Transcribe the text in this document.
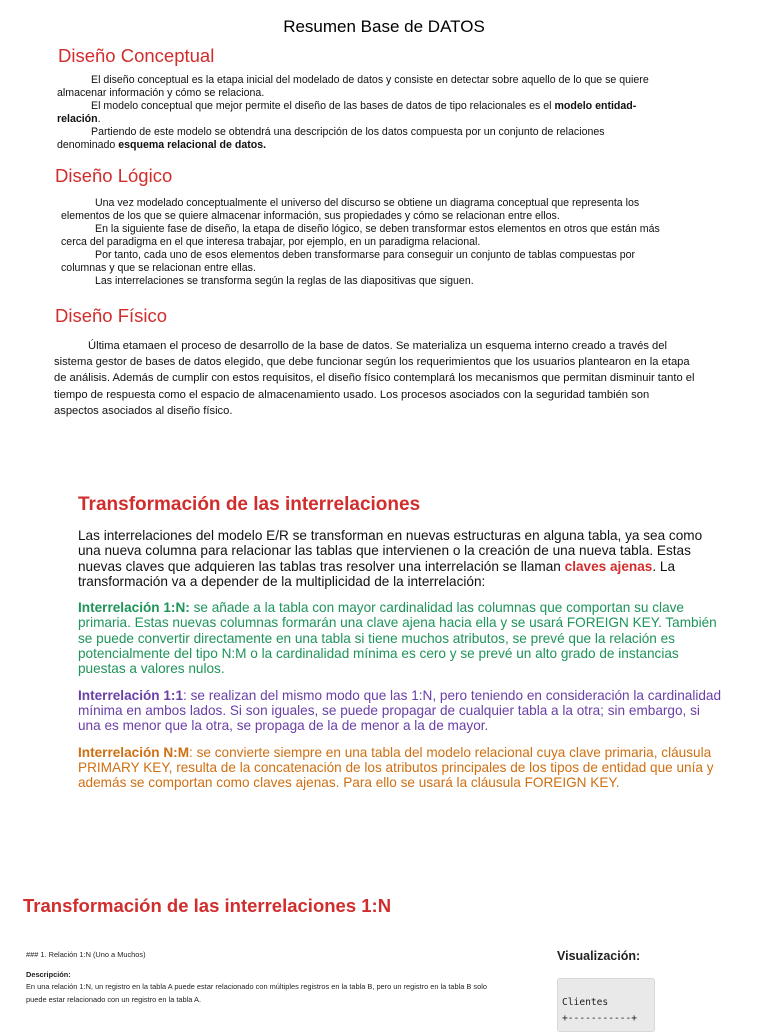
Resumen Base de DATOS
Diseño Conceptual

El diseño conceptual es la etapa inicial del modelado de datos y consiste en detectar sobre aquello de lo que se quiere almacenar información y cómo se relaciona.

El modelo conceptual que mejor permite el diseño de las bases de datos de tipo relacionales es el modelo entidad-relación.

Partiendo de este modelo se obtendrá una descripción de los datos compuesta por un conjunto de relaciones denominado esquema relacional de datos.

Diseño Lógico

Una vez modelado conceptualmente el universo del discurso se obtiene un diagrama conceptual que representa los elementos de los que se quiere almacenar información, sus propiedades y cómo se relacionan entre ellos.

En la siguiente fase de diseño, la etapa de diseño lógico, se deben transformar estos elementos en otros que están más cerca del paradigma en el que interesa trabajar, por ejemplo, en un paradigma relacional.

Por tanto, cada uno de esos elementos deben transformarse para conseguir un conjunto de tablas compuestas por columnas y que se relacionan entre ellas.

Las interrelaciones se transforma según la reglas de las diapositivas que siguen.

Diseño Físico

Última etamaen el proceso de desarrollo de la base de datos. Se materializa un esquema interno creado a través del sistema gestor de bases de datos elegido, que debe funcionar según los requerimientos que los usuarios plantearon en la etapa de análisis. Además de cumplir con estos requisitos, el diseño físico contemplará los mecanismos que permitan disminuir tanto el tiempo de respuesta como el espacio de almacenamiento usado. Los procesos asociados con la seguridad también son aspectos asociados al diseño físico.

Transformación de las interrelaciones

Las interrelaciones del modelo E/R se transforman en nuevas estructuras en alguna tabla, ya sea como una nueva columna para relacionar las tablas que intervienen o la creación de una nueva tabla. Estas nuevas claves que adquieren las tablas tras resolver una interrelación se llaman claves ajenas. La transformación va a depender de la multiplicidad de la interrelación:

Interrelación 1:N: se añade a la tabla con mayor cardinalidad las columnas que comportan su clave primaria. Estas nuevas columnas formarán una clave ajena hacia ella y se usará FOREIGN KEY. También se puede convertir directamente en una tabla si tiene muchos atributos, se prevé que la relación es potencialmente del tipo N:M o la cardinalidad mínima es cero y se prevé un alto grado de instancias puestas a valores nulos.

Interrelación 1:1: se realizan del mismo modo que las 1:N, pero teniendo en consideración la cardinalidad mínima en ambos lados. Si son iguales, se puede propagar de cualquier tabla a la otra; sin embargo, si una es menor que la otra, se propaga de la de menor a la de mayor.

Interrelación N:M: se convierte siempre en una tabla del modelo relacional cuya clave primaria, cláusula PRIMARY KEY, resulta de la concatenación de los atributos principales de los tipos de entidad que unía y además se comportan como claves ajenas. Para ello se usará la cláusula FOREIGN KEY.

Transformación de las interrelaciones 1:N

### 1. Relación 1:N (Uno a Muchos)

Descripción:

En una relación 1:N, un registro en la tabla A puede estar relacionado con múltiples registros en la tabla B, pero un registro en la tabla B solo puede estar relacionado con un registro en la tabla A.

Visualización:
Clientes
+-----------+
